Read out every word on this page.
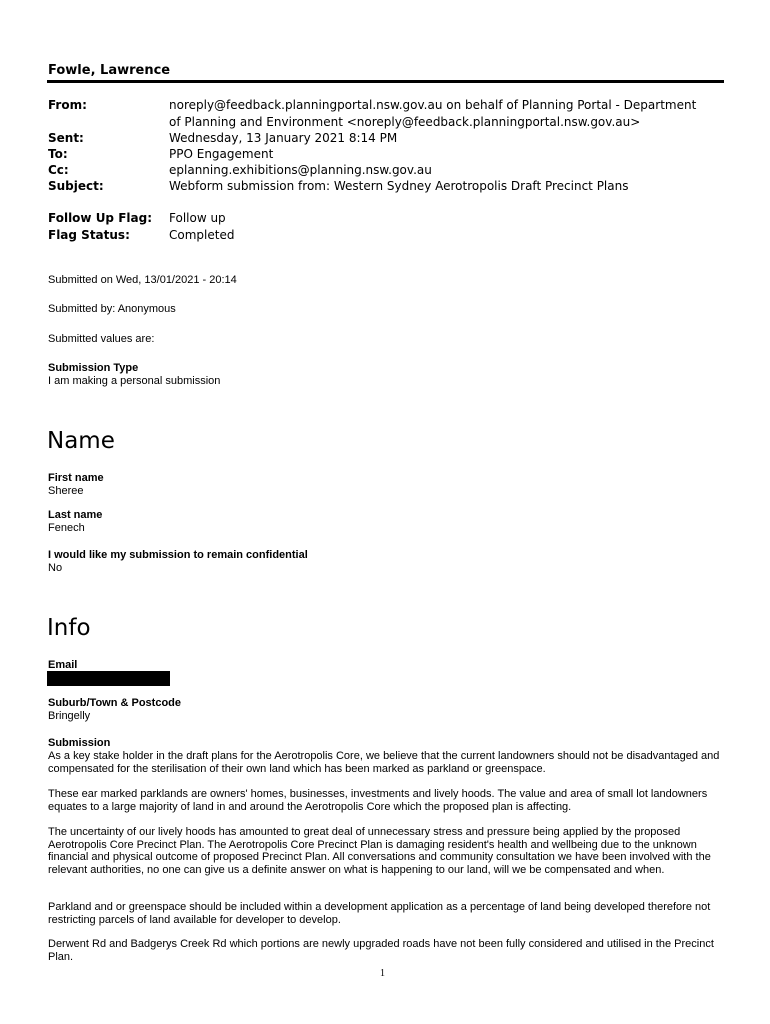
Fowle, Lawrence
From:	noreply@feedback.planningportal.nsw.gov.au on behalf of Planning Portal - Department of Planning and Environment <noreply@feedback.planningportal.nsw.gov.au>
Sent:	Wednesday, 13 January 2021 8:14 PM
To:	PPO Engagement
Cc:	eplanning.exhibitions@planning.nsw.gov.au
Subject:	Webform submission from: Western Sydney Aerotropolis Draft Precinct Plans
Follow Up Flag: Follow up
Flag Status:	Completed
Submitted on Wed, 13/01/2021 - 20:14
Submitted by: Anonymous
Submitted values are:
Submission Type
I am making a personal submission
Name
First name
Sheree
Last name
Fenech
I would like my submission to remain confidential
No
Info
Email
Suburb/Town & Postcode
Bringelly
Submission
As a key stake holder in the draft plans for the Aerotropolis Core, we believe that the current landowners should not be disadvantaged and compensated for the sterilisation of their own land which has been marked as parkland or greenspace.
These ear marked parklands are owners' homes, businesses, investments and lively hoods. The value and area of small lot landowners equates to a large majority of land in and around the Aerotropolis Core which the proposed plan is affecting.
The uncertainty of our lively hoods has amounted to great deal of unnecessary stress and pressure being applied by the proposed Aerotropolis Core Precinct Plan. The Aerotropolis Core Precinct Plan is damaging resident's health and wellbeing due to the unknown financial and physical outcome of proposed Precinct Plan. All conversations and community consultation we have been involved with the relevant authorities, no one can give us a definite answer on what is happening to our land, will we be compensated and when.
Parkland and or greenspace should be included within a development application as a percentage of land being developed therefore not restricting parcels of land available for developer to develop.
Derwent Rd and Badgerys Creek Rd which portions are newly upgraded roads have not been fully considered and utilised in the Precinct Plan.
1
